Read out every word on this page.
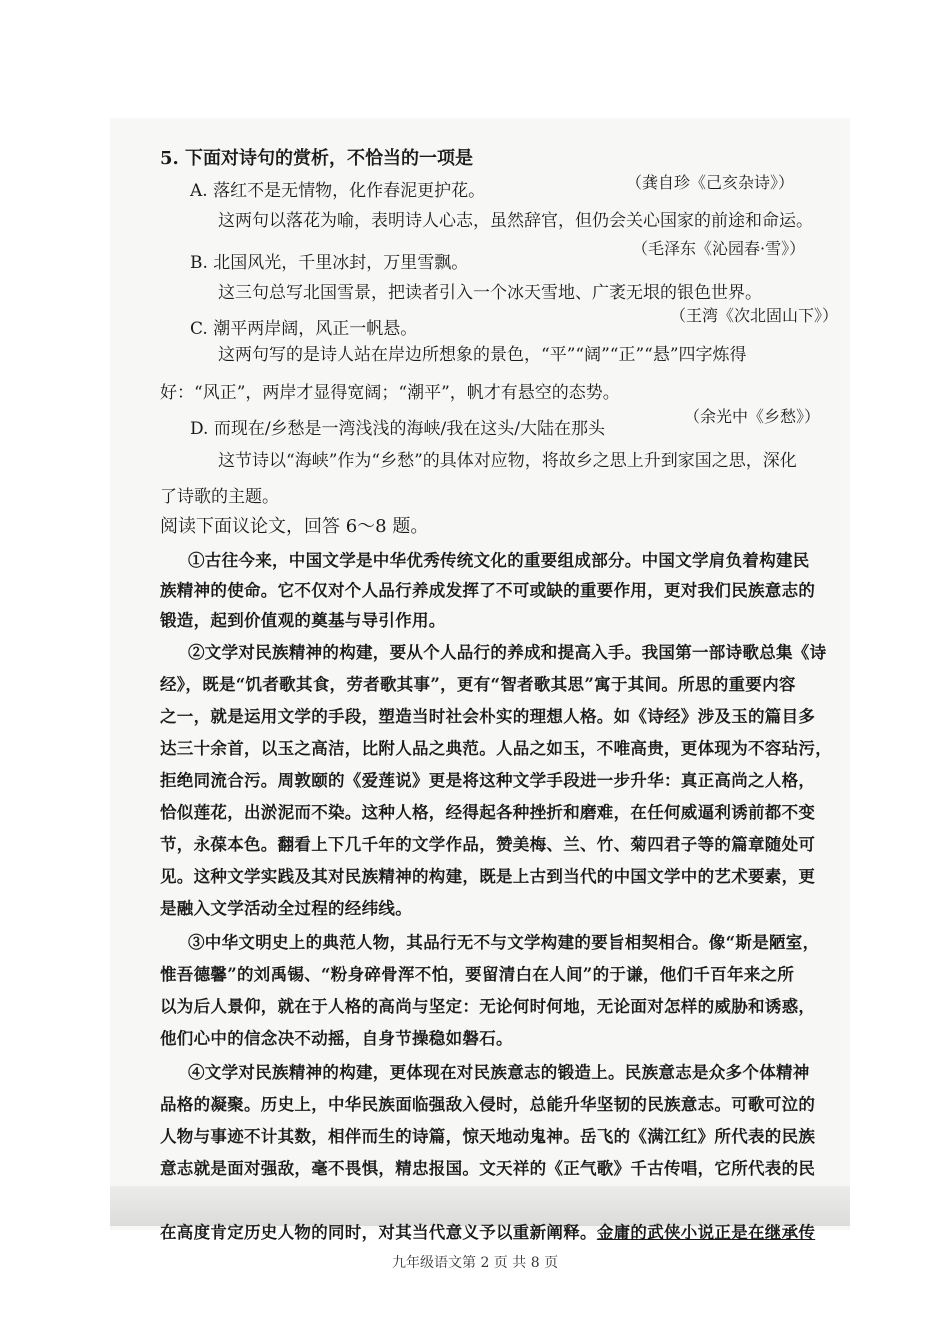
5. 下面对诗句的赏析，不恰当的一项是
A. 落红不是无情物，化作春泥更护花。	（龚自珍《己亥杂诗》）
这两句以落花为喻，表明诗人心志，虽然辞官，但仍会关心国家的前途和命运。
B. 北国风光，千里冰封，万里雪飘。
（毛泽东《沁园春·雪》）
这三句总写北国雪景，把读者引入一个冰天雪地、广袤无垠的银色世界。
C. 潮平两岸阔，风正一帆悬。
（王湾《次北固山下》）
这两句写的是诗人站在岸边所想象的景色，“平”“阔”“正”“悬”四字炼得
好：“风正”，两岸才显得宽阔；“潮平”，帆才有悬空的态势。
D. 而现在/乡愁是一湾浅浅的海峡/我在这头/大陆在那头
（余光中《乡愁》）
这节诗以“海峡”作为“乡愁”的具体对应物，将故乡之思上升到家国之思，深化
了诗歌的主题。
阅读下面议论文，回答 6～8 题。
①古往今来，中国文学是中华优秀传统文化的重要组成部分。中国文学肩负着构建民
族精神的使命。它不仅对个人品行养成发挥了不可或缺的重要作用，更对我们民族意志的
锻造，起到价值观的奠基与导引作用。
②文学对民族精神的构建，要从个人品行的养成和提高入手。我国第一部诗歌总集《诗
经》，既是“饥者歌其食，劳者歌其事”，更有“智者歌其思”寓于其间。所思的重要内容
之一，就是运用文学的手段，塑造当时社会朴实的理想人格。如《诗经》涉及玉的篇目多
达三十余首，以玉之高洁，比附人品之典范。人品之如玉，不唯高贵，更体现为不容玷污，
拒绝同流合污。周敦颐的《爱莲说》更是将这种文学手段进一步升华：真正高尚之人格，
恰似莲花，出淤泥而不染。这种人格，经得起各种挫折和磨难，在任何威逼利诱前都不变
节，永葆本色。翻看上下几千年的文学作品，赞美梅、兰、竹、菊四君子等的篇章随处可
见。这种文学实践及其对民族精神的构建，既是上古到当代的中国文学中的艺术要素，更
是融入文学活动全过程的经纬线。
③中华文明史上的典范人物，其品行无不与文学构建的要旨相契相合。像“斯是陋室，
惟吾德馨”的刘禹锡、“粉身碎骨浑不怕，要留清白在人间”的于谦，他们千百年来之所
以为后人景仰，就在于人格的高尚与坚定：无论何时何地，无论面对怎样的威胁和诱惑，
他们心中的信念决不动摇，自身节操稳如磐石。
④文学对民族精神的构建，更体现在对民族意志的锻造上。民族意志是众多个体精神
品格的凝聚。历史上，中华民族面临强敌入侵时，总能升华坚韧的民族意志。可歌可泣的
人物与事迹不计其数，相伴而生的诗篇，惊天地动鬼神。岳飞的《满江红》所代表的民族
意志就是面对强敌，毫不畏惧，精忠报国。文天祥的《正气歌》千古传唱，它所代表的民
在高度肯定历史人物的同时，对其当代意义予以重新阐释。金庸的武侠小说正是在继承传
九年级语文第 2 页 共 8 页
